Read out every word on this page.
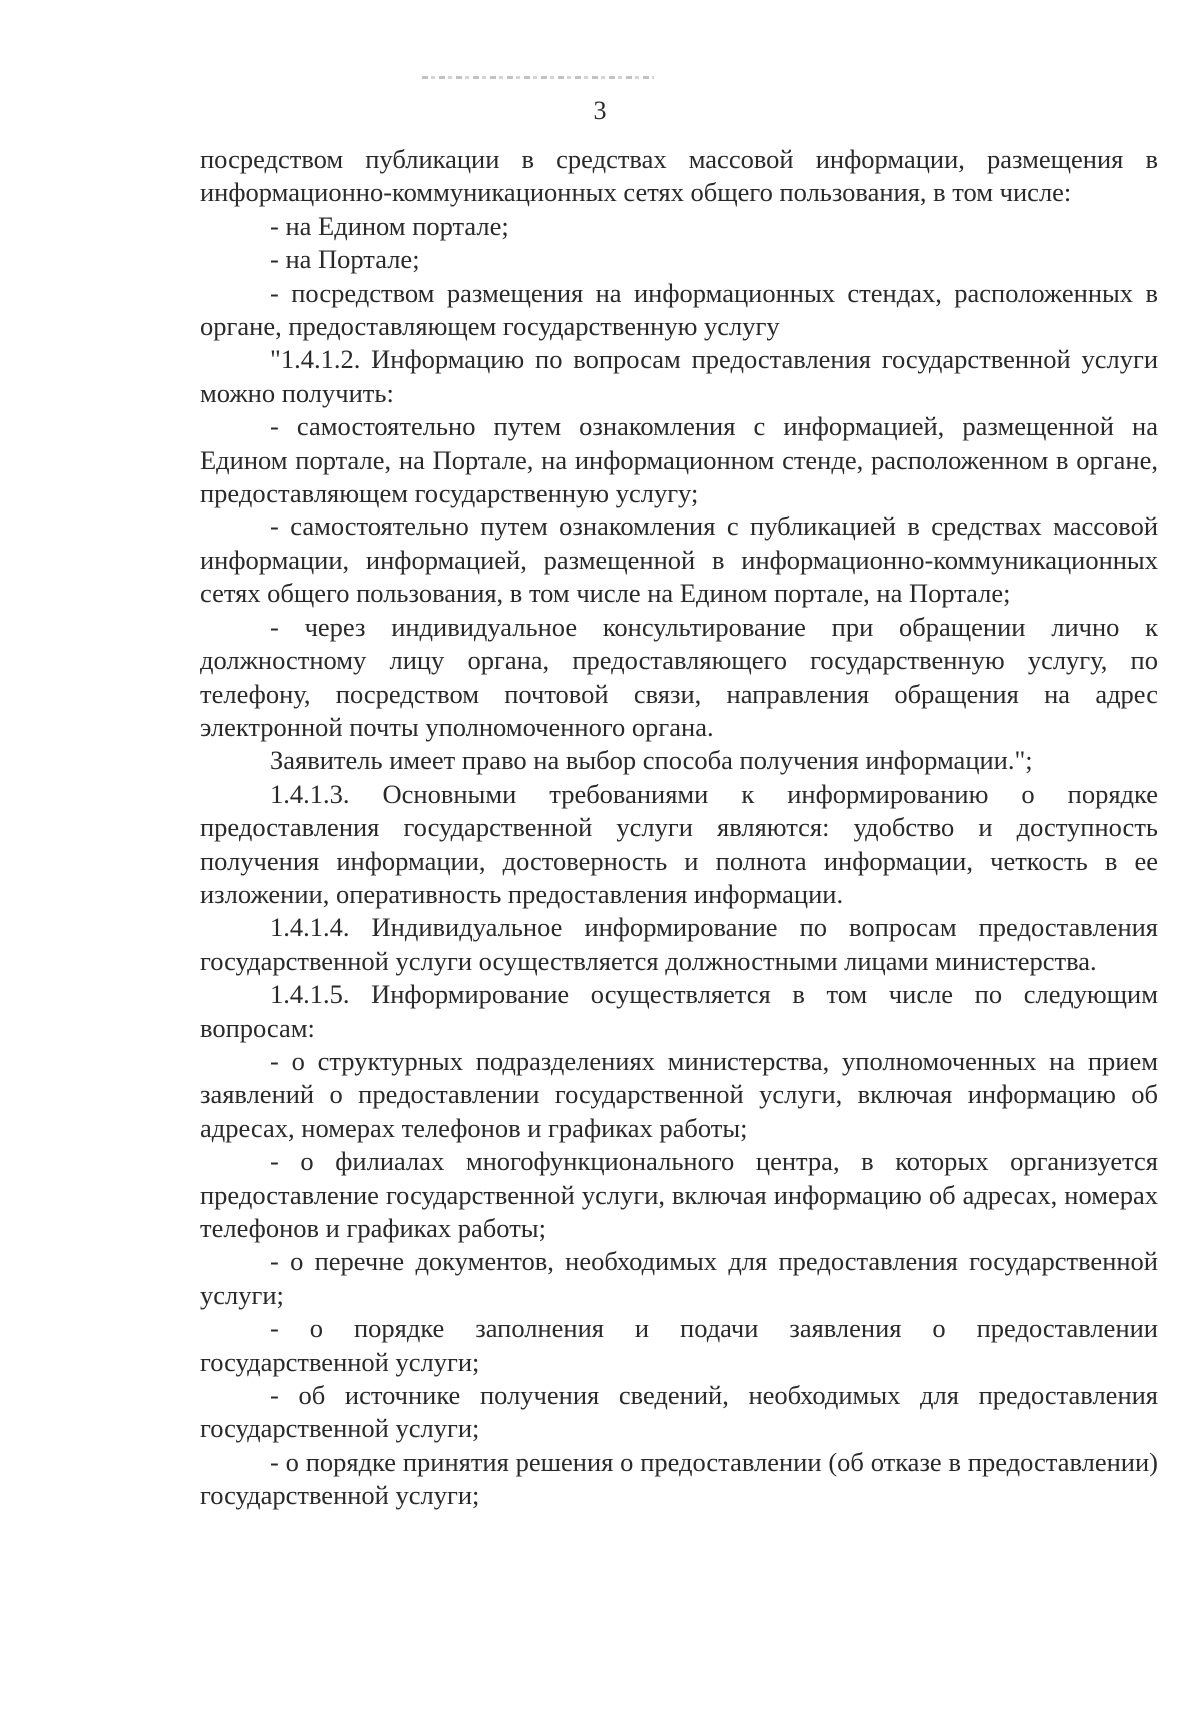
3

посредством публикации в средствах массовой информации, размещения в информационно-коммуникационных сетях общего пользования, в том числе:

- на Едином портале;

- на Портале;

- посредством размещения на информационных стендах, расположенных в органе, предоставляющем государственную услугу

"1.4.1.2. Информацию по вопросам предоставления государственной услуги можно получить:

- самостоятельно путем ознакомления с информацией, размещенной на Едином портале, на Портале, на информационном стенде, расположенном в органе, предоставляющем государственную услугу;

- самостоятельно путем ознакомления с публикацией в средствах массовой информации, информацией, размещенной в информационно-коммуникационных сетях общего пользования, в том числе на Едином портале, на Портале;

- через индивидуальное консультирование при обращении лично к должностному лицу органа, предоставляющего государственную услугу, по телефону, посредством почтовой связи, направления обращения на адрес электронной почты уполномоченного органа.

Заявитель имеет право на выбор способа получения информации.";

1.4.1.3. Основными требованиями к информированию о порядке предоставления государственной услуги являются: удобство и доступность получения информации, достоверность и полнота информации, четкость в ее изложении, оперативность предоставления информации.

1.4.1.4. Индивидуальное информирование по вопросам предоставления государственной услуги осуществляется должностными лицами министерства.

1.4.1.5. Информирование осуществляется в том числе по следующим вопросам:

- о структурных подразделениях министерства, уполномоченных на прием заявлений о предоставлении государственной услуги, включая информацию об адресах, номерах телефонов и графиках работы;

- о филиалах многофункционального центра, в которых организуется предоставление государственной услуги, включая информацию об адресах, номерах телефонов и графиках работы;

- о перечне документов, необходимых для предоставления государственной услуги;

- о порядке заполнения и подачи заявления о предоставлении государственной услуги;

- об источнике получения сведений, необходимых для предоставления государственной услуги;

- о порядке принятия решения о предоставлении (об отказе в предоставлении) государственной услуги;
